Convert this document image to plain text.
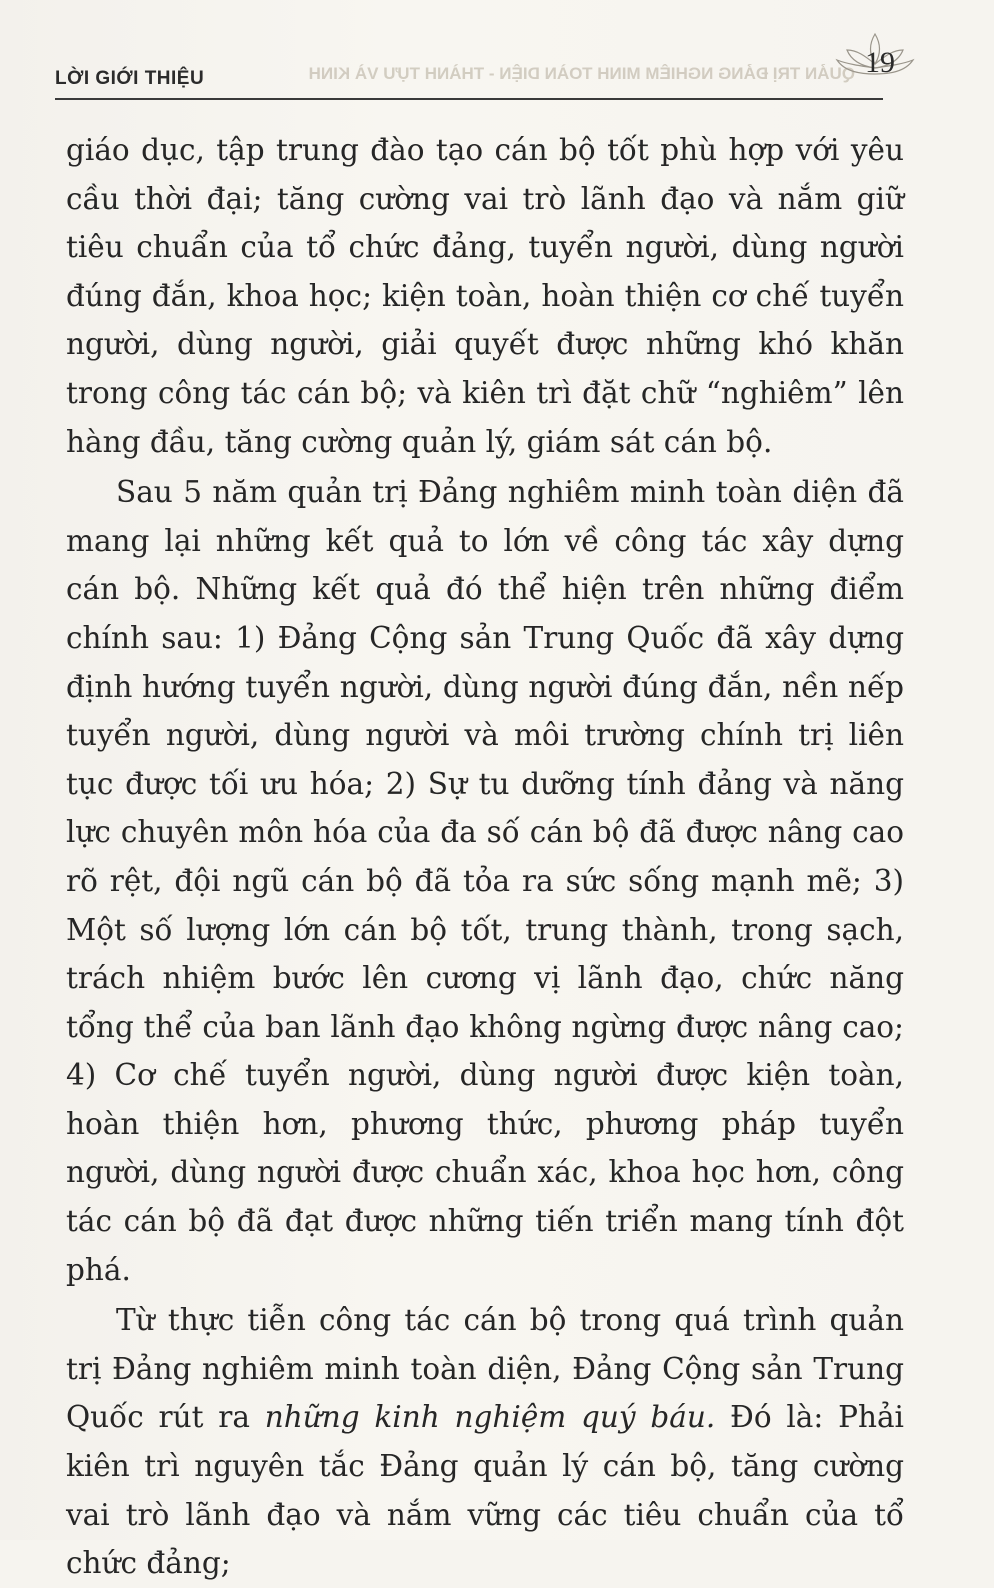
LỜI GIỚI THIỆU	QUẢN TRỊ ĐẢNG NGHIÊM MINH TOÀN DIỆN - THÀNH TỰU VÀ KINH 19

giáo dục, tập trung đào tạo cán bộ tốt phù hợp với yêu cầu thời đại; tăng cường vai trò lãnh đạo và nắm giữ tiêu chuẩn của tổ chức đảng, tuyển người, dùng người đúng đắn, khoa học; kiện toàn, hoàn thiện cơ chế tuyển người, dùng người, giải quyết được những khó khăn trong công tác cán bộ; và kiên trì đặt chữ “nghiêm” lên hàng đầu, tăng cường quản lý, giám sát cán bộ.

Sau 5 năm quản trị Đảng nghiêm minh toàn diện đã mang lại những kết quả to lớn về công tác xây dựng cán bộ. Những kết quả đó thể hiện trên những điểm chính sau: 1) Đảng Cộng sản Trung Quốc đã xây dựng định hướng tuyển người, dùng người đúng đắn, nền nếp tuyển người, dùng người và môi trường chính trị liên tục được tối ưu hóa; 2) Sự tu dưỡng tính đảng và năng lực chuyên môn hóa của đa số cán bộ đã được nâng cao rõ rệt, đội ngũ cán bộ đã tỏa ra sức sống mạnh mẽ; 3) Một số lượng lớn cán bộ tốt, trung thành, trong sạch, trách nhiệm bước lên cương vị lãnh đạo, chức năng tổng thể của ban lãnh đạo không ngừng được nâng cao; 4) Cơ chế tuyển người, dùng người được kiện toàn, hoàn thiện hơn, phương thức, phương pháp tuyển người, dùng người được chuẩn xác, khoa học hơn, công tác cán bộ đã đạt được những tiến triển mang tính đột phá.

Từ thực tiễn công tác cán bộ trong quá trình quản trị Đảng nghiêm minh toàn diện, Đảng Cộng sản Trung Quốc rút ra những kinh nghiệm quý báu. Đó là: Phải kiên trì nguyên tắc Đảng quản lý cán bộ, tăng cường vai trò lãnh đạo và nắm vững các tiêu chuẩn của tổ chức đảng;
